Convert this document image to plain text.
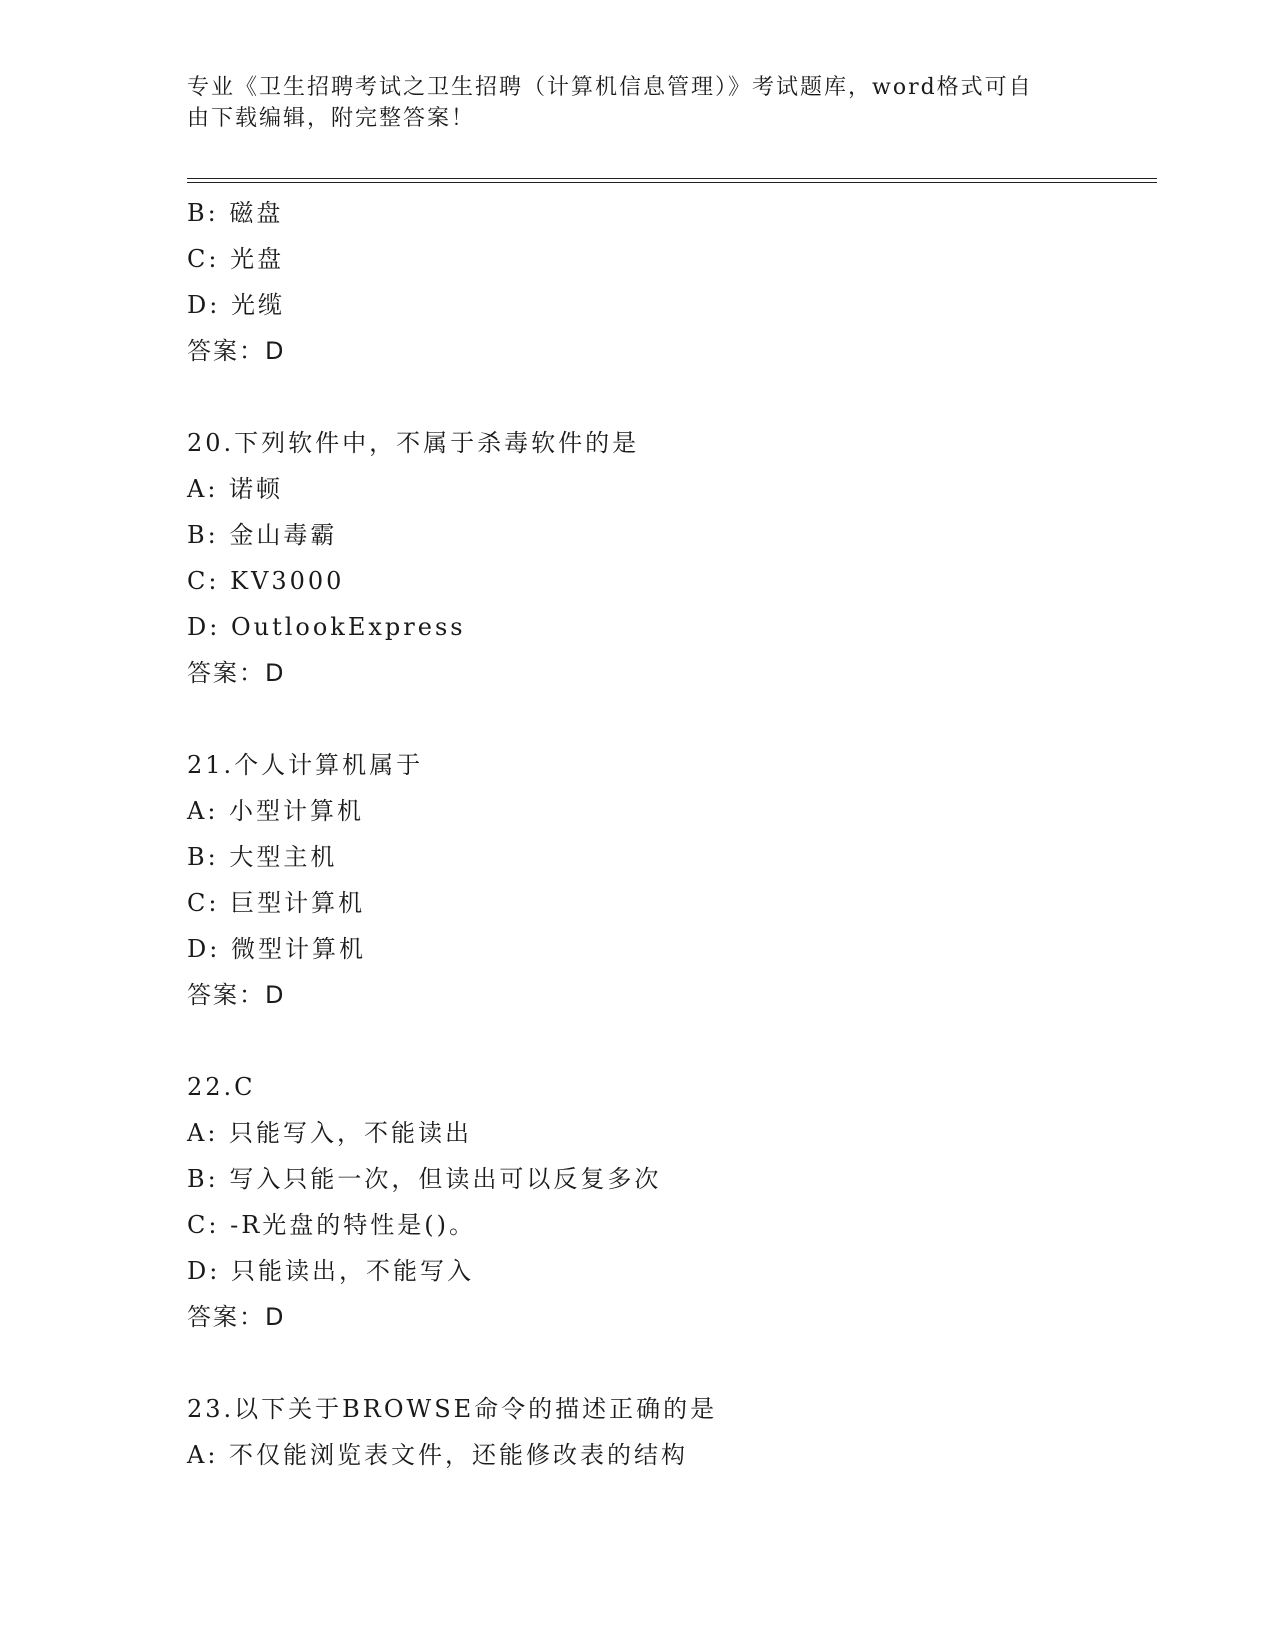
专业《卫生招聘考试之卫生招聘（计算机信息管理）》考试题库，word格式可自
由下载编辑，附完整答案！
B: 磁盘
C: 光盘
D: 光缆
答案：D
20.下列软件中，不属于杀毒软件的是
A: 诺顿
B: 金山毒霸
C: KV3000
D: OutlookExpress
答案：D
21.个人计算机属于
A: 小型计算机
B: 大型主机
C: 巨型计算机
D: 微型计算机
答案：D
22.C
A: 只能写入，不能读出
B: 写入只能一次，但读出可以反复多次
C: -R光盘的特性是()。
D: 只能读出，不能写入
答案：D
23.以下关于BROWSE命令的描述正确的是
A: 不仅能浏览表文件，还能修改表的结构
